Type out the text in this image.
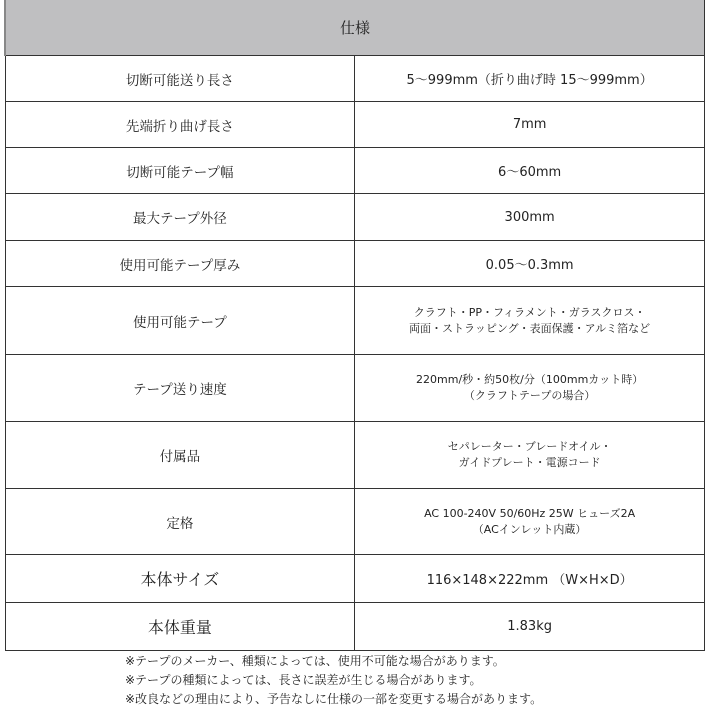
仕様	
切断可能送り長さ	5～999mm（折り曲げ時 15～999mm）
先端折り曲げ長さ	7mm
切断可能テープ幅	6～60mm
最大テープ外径	300mm
使用可能テープ厚み	0.05～0.3mm
使用可能テープ	クラフト・PP・フィラメント・ガラスクロス・
両面・ストラッピング・表面保護・アルミ箔など

テープ送り速度	220mm/秒・約50枚/分（100mmカット時）
（クラフトテープの場合）

付属品	セパレーター・ブレードオイル・
ガイドプレート・電源コード

定格	AC 100-240V 50/60Hz 25W ヒューズ2A
（ACインレット内蔵）

本体サイズ	116×148×222mm （W×H×D）
本体重量	1.83kg
※テープのメーカー、種類によっては、使用不可能な場合があります。
※テープの種類によっては、長さに誤差が生じる場合があります。
※改良などの理由により、予告なしに仕様の一部を変更する場合があります。
